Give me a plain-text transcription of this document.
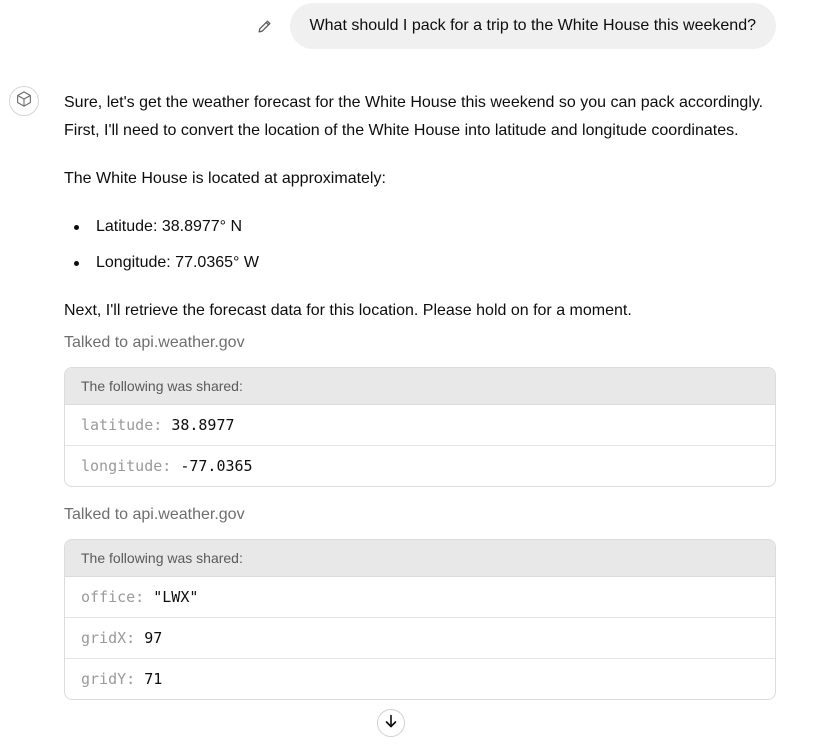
What should I pack for a trip to the White House this weekend?

Sure, let's get the weather forecast for the White House this weekend so you can pack accordingly. First, I'll need to convert the location of the White House into latitude and longitude coordinates.

The White House is located at approximately:

Latitude: 38.8977° N
Longitude: 77.0365° W

Next, I'll retrieve the forecast data for this location. Please hold on for a moment.

Talked to api.weather.gov
The following was shared:
latitude: 38.8977
longitude: -77.0365
Talked to api.weather.gov
The following was shared:
office: "LWX"
gridX: 97
gridY: 71
